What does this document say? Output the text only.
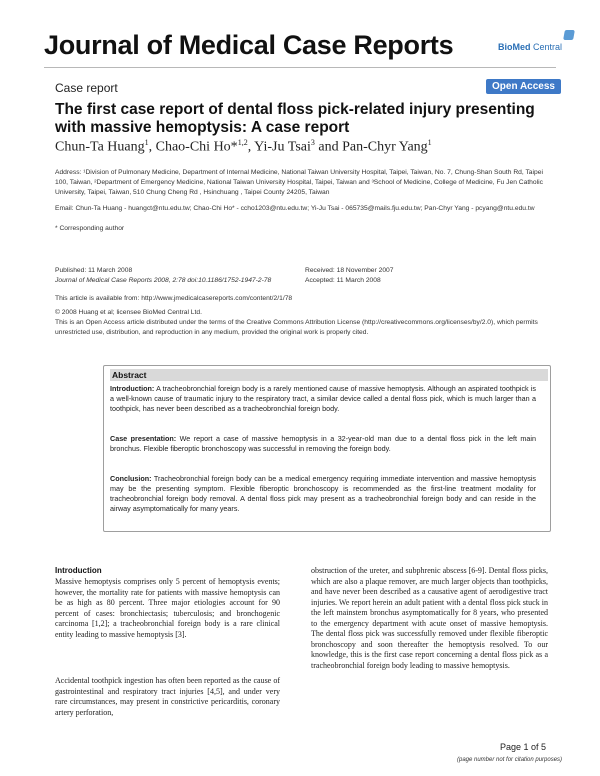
Journal of Medical Case Reports	BioMed Central
Case report	Open Access
The first case report of dental floss pick-related injury presenting with massive hemoptysis: A case report
Chun-Ta Huang$^1$, Chao-Chi Ho*$^{1,2}$, Yi-Ju Tsai$^3$ and Pan-Chyr Yang$^1$
Address: ¹Division of Pulmonary Medicine, Department of Internal Medicine, National Taiwan University Hospital, Taipei, Taiwan, No. 7, Chung-Shan South Rd, Taipei 100, Taiwan, ²Department of Emergency Medicine, National Taiwan University Hospital, Taipei, Taiwan and ³School of Medicine, College of Medicine, Fu Jen Catholic University, Taipei, Taiwan, 510 Chung Cheng Rd , Hsinchuang , Taipei County 24205, Taiwan
Email: Chun-Ta Huang - huangct@ntu.edu.tw; Chao-Chi Ho* - ccho1203@ntu.edu.tw; Yi-Ju Tsai - 065735@mails.fju.edu.tw; Pan-Chyr Yang - pcyang@ntu.edu.tw
* Corresponding author
Published: 11 March 2008
Journal of Medical Case Reports 2008, 2:78 doi:10.1186/1752-1947-2-78
Received: 18 November 2007
Accepted: 11 March 2008
This article is available from: http://www.jmedicalcasereports.com/content/2/1/78

© 2008 Huang et al; licensee BioMed Central Ltd.

This is an Open Access article distributed under the terms of the Creative Commons Attribution License (http://creativecommons.org/licenses/by/2.0), which permits unrestricted use, distribution, and reproduction in any medium, provided the original work is properly cited.

Abstract
Introduction: A tracheobronchial foreign body is a rarely mentioned cause of massive hemoptysis. Although an aspirated toothpick is a well-known cause of traumatic injury to the respiratory tract, a similar device called a dental floss pick, which is much larger than a toothpick, has never been described as a tracheobronchial foreign body.
Case presentation: We report a case of massive hemoptysis in a 32-year-old man due to a dental floss pick in the left main bronchus. Flexible fiberoptic bronchoscopy was successful in removing the foreign body.
Conclusion: Tracheobronchial foreign body can be a medical emergency requiring immediate intervention and massive hemoptysis may be the presenting symptom. Flexible fiberoptic bronchoscopy is recommended as the first-line treatment modality for tracheobronchial foreign body removal. A dental floss pick may present as a tracheobronchial foreign body and can reside in the airway asymptomatically for many years.
Introduction

Massive hemoptysis comprises only 5 percent of hemoptysis events; however, the mortality rate for patients with massive hemoptysis can be as high as 80 percent. Three major etiologies account for 90 percent of cases: bronchiectasis; tuberculosis; and bronchogenic carcinoma [1,2]; a tracheobronchial foreign body is a rare clinical entity leading to massive hemoptysis [3].

Accidental toothpick ingestion has often been reported as the cause of gastrointestinal and respiratory tract injuries [4,5], and under very rare circumstances, may present in constrictive pericarditis, coronary artery perforation,

obstruction of the ureter, and subphrenic abscess [6-9]. Dental floss picks, which are also a plaque remover, are much larger objects than toothpicks, and have never been described as a causative agent of aerodigestive tract injuries. We report herein an adult patient with a dental floss pick stuck in the left mainstem bronchus asymptomatically for 8 years, who presented to the emergency department with acute onset of massive hemoptysis. The dental floss pick was successfully removed under flexible fiberoptic bronchoscopy and soon thereafter the hemoptysis resolved. To our knowledge, this is the first case report concerning a dental floss pick as a tracheobronchial foreign body leading to massive hemoptysis.

Page 1 of 5
(page number not for citation purposes)
